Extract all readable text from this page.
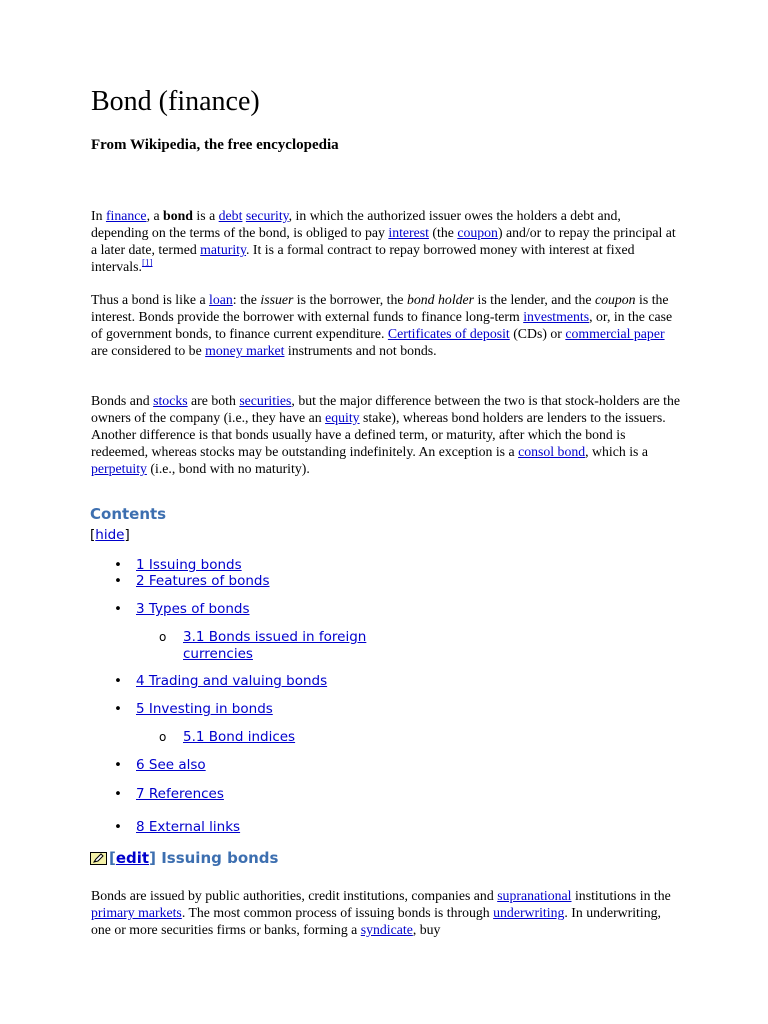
Bond (finance)
From Wikipedia, the free encyclopedia

In finance, a bond is a debt security, in which the authorized issuer owes the holders a debt and, depending on the terms of the bond, is obliged to pay interest (the coupon) and/or to repay the principal at a later date, termed maturity. It is a formal contract to repay borrowed money with interest at fixed intervals.[1]

Thus a bond is like a loan: the issuer is the borrower, the bond holder is the lender, and the coupon is the interest. Bonds provide the borrower with external funds to finance long-term investments, or, in the case of government bonds, to finance current expenditure. Certificates of deposit (CDs) or commercial paper are considered to be money market instruments and not bonds.

Bonds and stocks are both securities, but the major difference between the two is that stock-holders are the owners of the company (i.e., they have an equity stake), whereas bond holders are lenders to the issuers. Another difference is that bonds usually have a defined term, or maturity, after which the bond is redeemed, whereas stocks may be outstanding indefinitely. An exception is a consol bond, which is a perpetuity (i.e., bond with no maturity).

Contents
[hide]
• 1 Issuing bonds
• 2 Features of bonds
• 3 Types of bonds
o 3.1 Bonds issued in foreign currencies
• 4 Trading and valuing bonds
• 5 Investing in bonds
o 5.1 Bond indices
• 6 See also
• 7 References
• 8 External links
[ edit ]
Issuing bonds

Bonds are issued by public authorities, credit institutions, companies and supranational institutions in the primary markets. The most common process of issuing bonds is through underwriting. In underwriting, one or more securities firms or banks, forming a syndicate, buy
